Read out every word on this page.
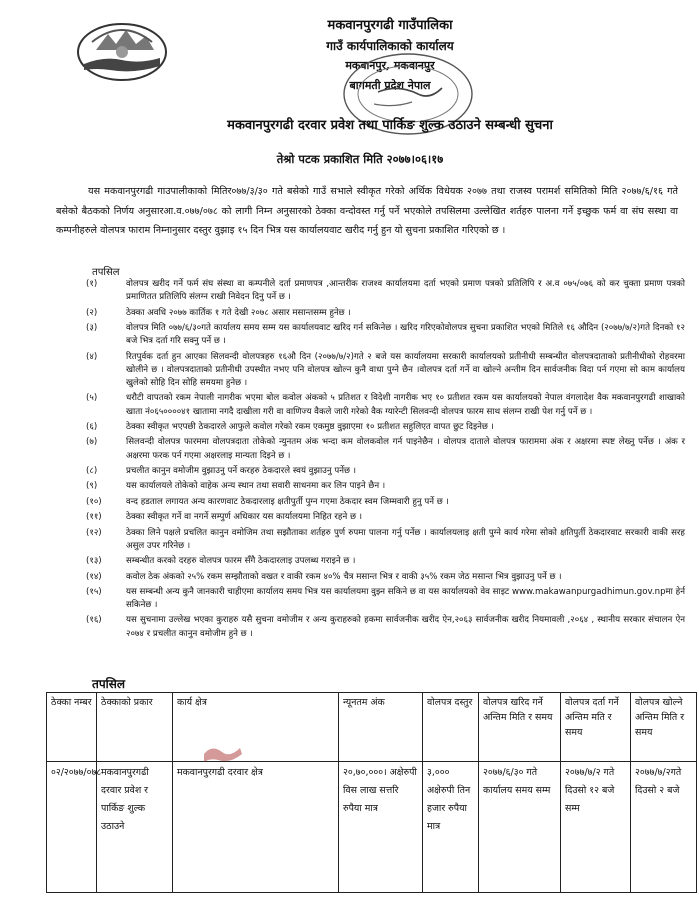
मकवानपुरगढी गाउँपालिका
गाउँ कार्यपालिकाको कार्यालय
मकवानपुर, मकवानपुर
बागमती प्रदेश नेपाल
मकवानपुरगढी दरवार प्रवेश तथा पार्किङ शुल्क उठाउने सम्बन्धी सुचना
तेश्रो पटक प्रकाशित मिति २०७७।०६।१७
यस मकवानपुरगढी गाउपालीकाको मितिर०७७/३/३० गते बसेको गाउँ सभाले स्वीकृत गरेको अर्थिक विधेयक २०७७ तथा राजस्व परामर्श समितिको मिति २०७७/६/१६ गते बसेको बैठकको निर्णय अनुसारआ.व.०७७/०७८ को लागी निम्न अनुसारको ठेक्का वन्दोवस्त गर्नु पर्ने भएकोले तपसिलमा उल्लेखित शर्तहरु पालना गर्ने इच्छुक फर्म वा संघ सस्था वा कम्पनीहरुले वोलपत्र फाराम निम्नानुसार दस्तुर वुझाइ १५ दिन भित्र यस कार्यालयवाट खरीद गर्नु हुन यो सुचना प्रकाशित गरिएको छ ।
तपसिल
(१)	वोलपत्र खरीद गर्ने फर्म संघ संस्था वा कम्पनीले दर्ता प्रमाणपत्र ,आन्तरीक राजश्व कार्यालयमा दर्ता भएको प्रमाण पत्रको प्रतिलिपि र अ.व ०७५/०७६ को कर चुक्ता प्रमाण पत्रको प्रमाणितत प्रतिलिपि संलग्न राखी निवेदन दिनु पर्ने छ ।
(२)	ठेक्का अवधि २०७७ कार्तिक १ गते देखी २०७८ असार मसान्तसम्म हुनेछ ।
(३)	वोलपत्र मिति ०७७/६/३०गते कार्यालय समय सम्म यस कार्यालयवाट खरिद गर्न सकिनेछ । खरिद गरिएकोवोलपत्र सुचना प्रकाशित भएको मितिले १६ औदिन (२०७७/७/२)गते दिनको १२ बजे भित्र दर्ता गरि सक्नु पर्ने छ ।
(४)	रितपुर्वक दर्ता हुन आएका सिलवन्दी वोलपत्रहरु १६औ दिन (२०७७/७/२)गते २ बजे यस कार्यालयमा सरकारी कार्यालयको प्रतीनीधी सम्बन्धीत वोलपत्रदाताको प्रतीनीधीको रोहवरमा खोलीने छ । वोलपत्रदाताको प्रतीनीधी उपस्थीत नभए पनि वोलपत्र खोल्न कुनै वाधा पुग्ने छैन ।वोलपत्र दर्ता गर्ने वा खोल्ने अन्तीम दिन सार्वजनीक विदा पर्न गएमा सो काम कार्यालय खुलेको सोहि दिन सोहि समयमा हुनेछ ।
(५)	धरौटी वापतको रकम नेपाली नागरीक भएमा बोल कवोल अंकको ५ प्रतिशत र विदेशी नागरीक भए १० प्रतीशत रकम यस कार्यालयको नेपाल वंगलादेश वैक मकवानपुरगढी शाखाको खाता नं०६५००००४१ खातामा नगदै दाखीला गरी वा वाणिज्य वैकले जारी गरेको वैक ग्यारेन्टी सिलवन्दी वोलपत्र फारम साथ संलग्न राखी पेश गर्नु पर्ने छ ।
(६)	ठेक्का स्वीकृत भएपछी ठेकदारले आफुले कवोल गरेको रकम एकमुष्ठ वुझाएमा १० प्रतीशत सहुलिएत वापत छुट दिइनेछ ।
(७)	सिलवन्दी वोलपत्र फारममा वोलपत्रदाता तोकेको न्युनतम अंक भन्दा कम वोलकवोल गर्न पाइनेछैन । वोलपत्र दाताले वोलपत्र फाराममा अंक र अक्षरमा स्पष्ट लेख्नु पर्नेछ । अंक र अक्षरमा फरक पर्न गएमा अक्षरलाइ मान्यता दिइने छ ।
(८)	प्रचलीत कानुन वमोजीम वुझाउनु पर्ने करहरु ठेकदारले स्वयं वुझाउनु पर्नेछ ।
(९)	यस कार्यालयले तोकेको वाहेक अन्य स्थान तथा सवारी साधनमा कर लिन पाइने छैन ।
(१०)	वन्द हडताल लगायत अन्य कारणवाट ठेकदारलाइ क्षतीपुर्ती पुग्न गएमा ठेकदार स्वम जिम्मवारी हुनु पर्ने छ ।
(११)	ठेक्का स्वीकृत गर्ने वा नगर्ने सम्पुर्ण अधिकार यस कार्यालयमा निहित रहने छ ।
(१२)	ठेक्का लिने पक्षले प्रचलित कानुन वमोजिम तथा सझौताका शर्तहरु पुर्ण रुपमा पालना गर्नु पर्नेछ । कार्यालयलाइ क्षती पुग्ने कार्य गरेमा सोको क्षतिपुर्ती ठेकदारवाट सरकारी वाकी सरह असुल उपर गरिनेछ ।
(१३)	सम्बन्धीत करको दरहरु वोलपत्र फारम सँगै ठेकदारलाइ उपलब्ध गराइने छ ।
(१४)	कवोल ठेक अंकको २५% रकम सम्झौताको वखत र वाकी रकम ४०% चैत्र मसान्त भित्र र वाकी ३५% रकम जेठ मसान्त भित्र वुझाउनु पर्ने छ ।
(१५)	यस सम्बन्धी अन्य कुनै जानकारी चाहीएमा कार्यालय समय भित्र यस कार्यालयमा वुझ्न सकिने छ वा यस कार्यालयको वेव साइट www.makawanpurgadhimun.gov.npमा हेर्न सकिनेछ ।
(१६)	यस सुचनामा उल्लेख भएका कुराहरु यसै सुचना वमोजीम र अन्य कुराहरुको हकमा सार्वजनीक खरीद ऐन,२०६३ सार्वजनीक खरीद नियमावली ,२०६४ , स्थानीय सरकार संचालन ऐन २०७४ र प्रचलीत कानुन वमोजीम हुने छ ।
तपसिल
ठेक्का नम्बर	ठेक्काको प्रकार	कार्य क्षेत्र	न्यूनतम अंक	वोलपत्र दस्तुर	वोलपत्र खरिद गर्ने अन्तिम मिति र समय	वोलपत्र दर्ता गर्ने अन्तिम मति र समय	वोलपत्र खोल्ने अन्तिम मिति र समय
०२/२०७७/०७८	मकवानपुरगढी दरवार प्रवेश र पार्किङ शुल्क उठाउने	मकवानपुरगढी दरवार क्षेत्र	२०,७०,०००। अक्षेरुपी विस लाख सत्तरि रुपैया मात्र	३,००० अक्षेरुपी तिन हजार रुपैया मात्र	२०७७/६/३० गते कार्यालय समय सम्म	२०७७/७/२ गते दिउसो १२ बजे सम्म	२०७७/७/२गते दिउसो २ बजे
